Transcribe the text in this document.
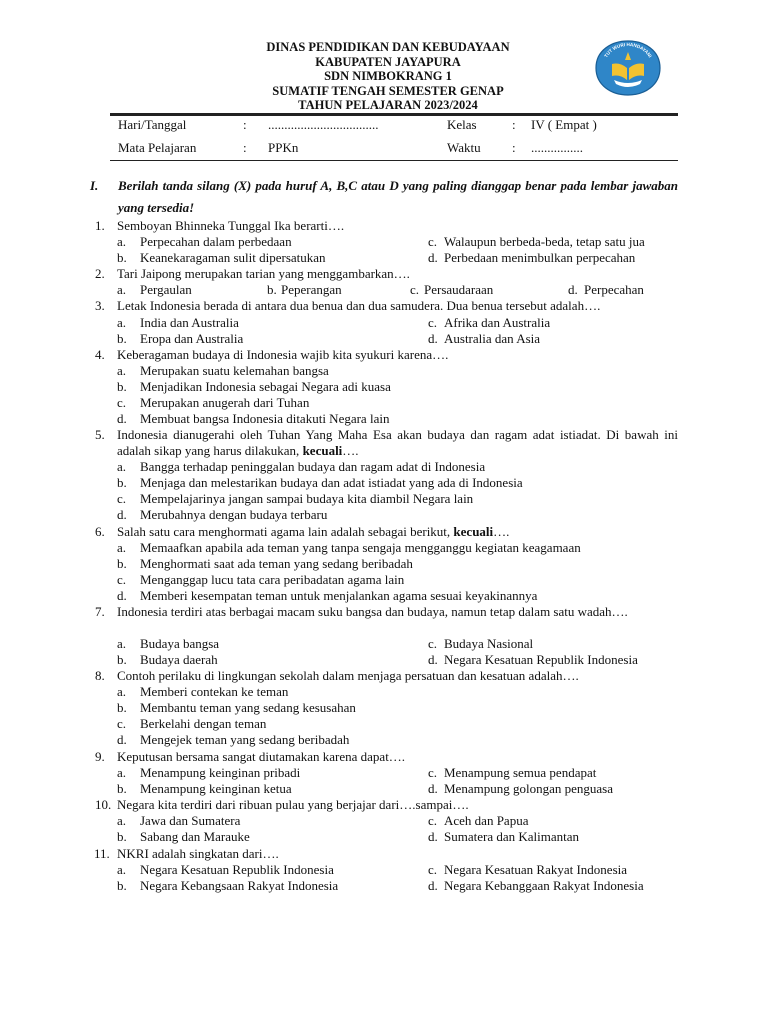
DINAS PENDIDIKAN DAN KEBUDAYAAN
KABUPATEN JAYAPURA
SDN NIMBOKRANG 1
SUMATIF TENGAH SEMESTER GENAP
TAHUN PELAJARAN 2023/2024
TUT WURI HANDAYANI
Hari/Tanggal	: ..................................	Kelas	: IV ( Empat )
Mata Pelajaran	: PPKn	Waktu : ................
I. Berilah tanda silang (X) pada huruf A, B,C atau D yang paling dianggap benar pada lembar jawaban yang tersedia!
1. Semboyan Bhinneka Tunggal Ika berarti….
a. Perpecahan dalam perbedaan	c. Walaupun berbeda-beda, tetap satu jua
b. Keanekaragaman sulit dipersatukan	d. Perbedaan menimbulkan perpecahan
2. Tari Jaipong merupakan tarian yang menggambarkan….
a. Pergaulan	b. Peperangan	c. Persaudaraan	d. Perpecahan
3. Letak Indonesia berada di antara dua benua dan dua samudera. Dua benua tersebut adalah….
a. India dan Australia	c. Afrika dan Australia
b. Eropa dan Australia	d. Australia dan Asia
4. Keberagaman budaya di Indonesia wajib kita syukuri karena….
a. Merupakan suatu kelemahan bangsa
b. Menjadikan Indonesia sebagai Negara adi kuasa
c. Merupakan anugerah dari Tuhan
d. Membuat bangsa Indonesia ditakuti Negara lain
5. Indonesia dianugerahi oleh Tuhan Yang Maha Esa akan budaya dan ragam adat istiadat. Di bawah ini adalah sikap yang harus dilakukan, kecuali….
a. Bangga terhadap peninggalan budaya dan ragam adat di Indonesia
b. Menjaga dan melestarikan budaya dan adat istiadat yang ada di Indonesia
c. Mempelajarinya jangan sampai budaya kita diambil Negara lain
d. Merubahnya dengan budaya terbaru
6. Salah satu cara menghormati agama lain adalah sebagai berikut, kecuali….
a. Memaafkan apabila ada teman yang tanpa sengaja mengganggu kegiatan keagamaan
b. Menghormati saat ada teman yang sedang beribadah
c. Menganggap lucu tata cara peribadatan agama lain
d. Memberi kesempatan teman untuk menjalankan agama sesuai keyakinannya
7. Indonesia terdiri atas berbagai macam suku bangsa dan budaya, namun tetap dalam satu wadah….
a. Budaya bangsa	c. Budaya Nasional
b. Budaya daerah	d. Negara Kesatuan Republik Indonesia
8. Contoh perilaku di lingkungan sekolah dalam menjaga persatuan dan kesatuan adalah….
a. Memberi contekan ke teman
b. Membantu teman yang sedang kesusahan
c. Berkelahi dengan teman
d. Mengejek teman yang sedang beribadah
9. Keputusan bersama sangat diutamakan karena dapat….
a. Menampung keinginan pribadi	c. Menampung semua pendapat
b. Menampung keinginan ketua	d. Menampung golongan penguasa
10. Negara kita terdiri dari ribuan pulau yang berjajar dari….sampai….
a. Jawa dan Sumatera	c. Aceh dan Papua
b. Sabang dan Marauke	d. Sumatera dan Kalimantan
11. NKRI adalah singkatan dari….
a. Negara Kesatuan Republik Indonesia	c. Negara Kesatuan Rakyat Indonesia
b. Negara Kebangsaan Rakyat Indonesia	d. Negara Kebanggaan Rakyat Indonesia
